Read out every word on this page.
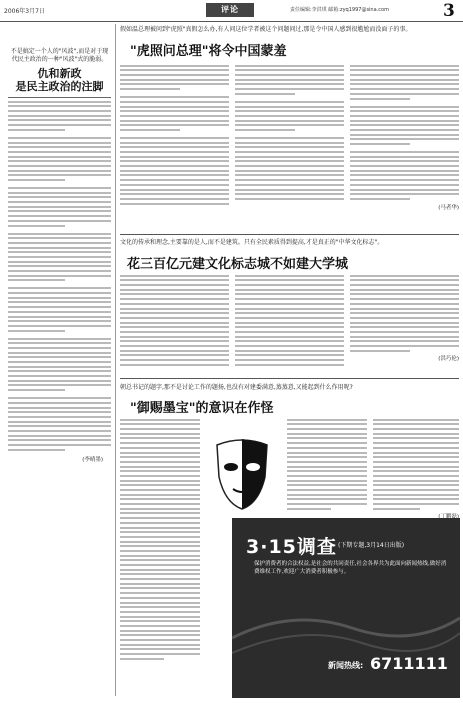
2006年3月7日	评论	责任编辑:李洪琪 邮箱:zyq1997@sina.com	3
不是搞定一个人的"风波",而是对于现代民主政治的一种"风波"式的脆弱。
仇和新政
是民主政治的注脚
(李晴墨)
假如温总理被问到"虎照"真假怎么办,有人问这位学者被这个问题问过,那是令中国人感到很尴尬而没面子的事。
"虎照问总理"将令中国蒙羞
(马者华)
文化的传承和理念,主要靠的是人,而不是建筑。只有全民素质得到提高,才是真正的"中华文化标志"。
花三百亿元建文化标志城不如建大学城
(洪巧伦)
朝总书记的题字,那不是讨论工作的题扬,也没有对建委满意,蒸蒸意,又能起到什么作用呢?
"御赐墨宝"的意识在作怪
3·15调查 (下期专题,3月14日出版)
保护消费者的合法权益,是社会的共同责任,社会各界共为此面向新闻热线,做好消费维权工作,欢迎广大消费者积极参与。
新闻热线: 6711111
